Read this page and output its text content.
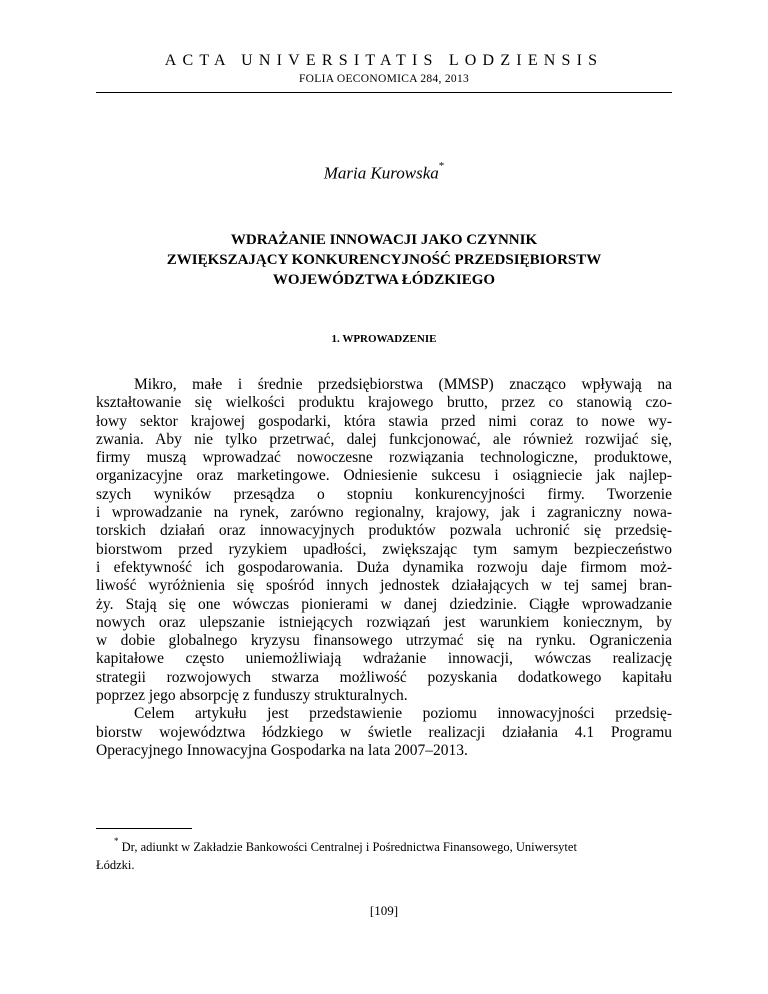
ACTA UNIVERSITATIS LODZIENSIS
FOLIA OECONOMICA 284, 2013
Maria Kurowska*
WDRAŻANIE INNOWACJI JAKO CZYNNIK
ZWIĘKSZAJĄCY KONKURENCYJNOŚĆ PRZEDSIĘBIORSTW
WOJEWÓDZTWA ŁÓDZKIEGO
1. WPROWADZENIE

Mikro, małe i średnie przedsiębiorstwa (MMSP) znacząco wpływają na
kształtowanie się wielkości produktu krajowego brutto, przez co stanowią czo-
łowy sektor krajowej gospodarki, która stawia przed nimi coraz to nowe wy-
zwania. Aby nie tylko przetrwać, dalej funkcjonować, ale również rozwijać się,
firmy muszą wprowadzać nowoczesne rozwiązania technologiczne, produktowe,
organizacyjne oraz marketingowe. Odniesienie sukcesu i osiągniecie jak najlep-
szych wyników przesądza o stopniu konkurencyjności firmy. Tworzenie
i wprowadzanie na rynek, zarówno regionalny, krajowy, jak i zagraniczny nowa-
torskich działań oraz innowacyjnych produktów pozwala uchronić się przedsię-
biorstwom przed ryzykiem upadłości, zwiększając tym samym bezpieczeństwo
i efektywność ich gospodarowania. Duża dynamika rozwoju daje firmom moż-
liwość wyróżnienia się spośród innych jednostek działających w tej samej bran-
ży. Stają się one wówczas pionierami w danej dziedzinie. Ciągłe wprowadzanie
nowych oraz ulepszanie istniejących rozwiązań jest warunkiem koniecznym, by
w dobie globalnego kryzysu finansowego utrzymać się na rynku. Ograniczenia
kapitałowe często uniemożliwiają wdrażanie innowacji, wówczas realizację
strategii rozwojowych stwarza możliwość pozyskania dodatkowego kapitału
poprzez jego absorpcję z funduszy strukturalnych.

Celem artykułu jest przedstawienie poziomu innowacyjności przedsię-
biorstw województwa łódzkiego w świetle realizacji działania 4.1 Programu
Operacyjnego Innowacyjna Gospodarka na lata 2007–2013.

* Dr, adiunkt w Zakładzie Bankowości Centralnej i Pośrednictwa Finansowego, Uniwersytet
Łódzki.
[109]
